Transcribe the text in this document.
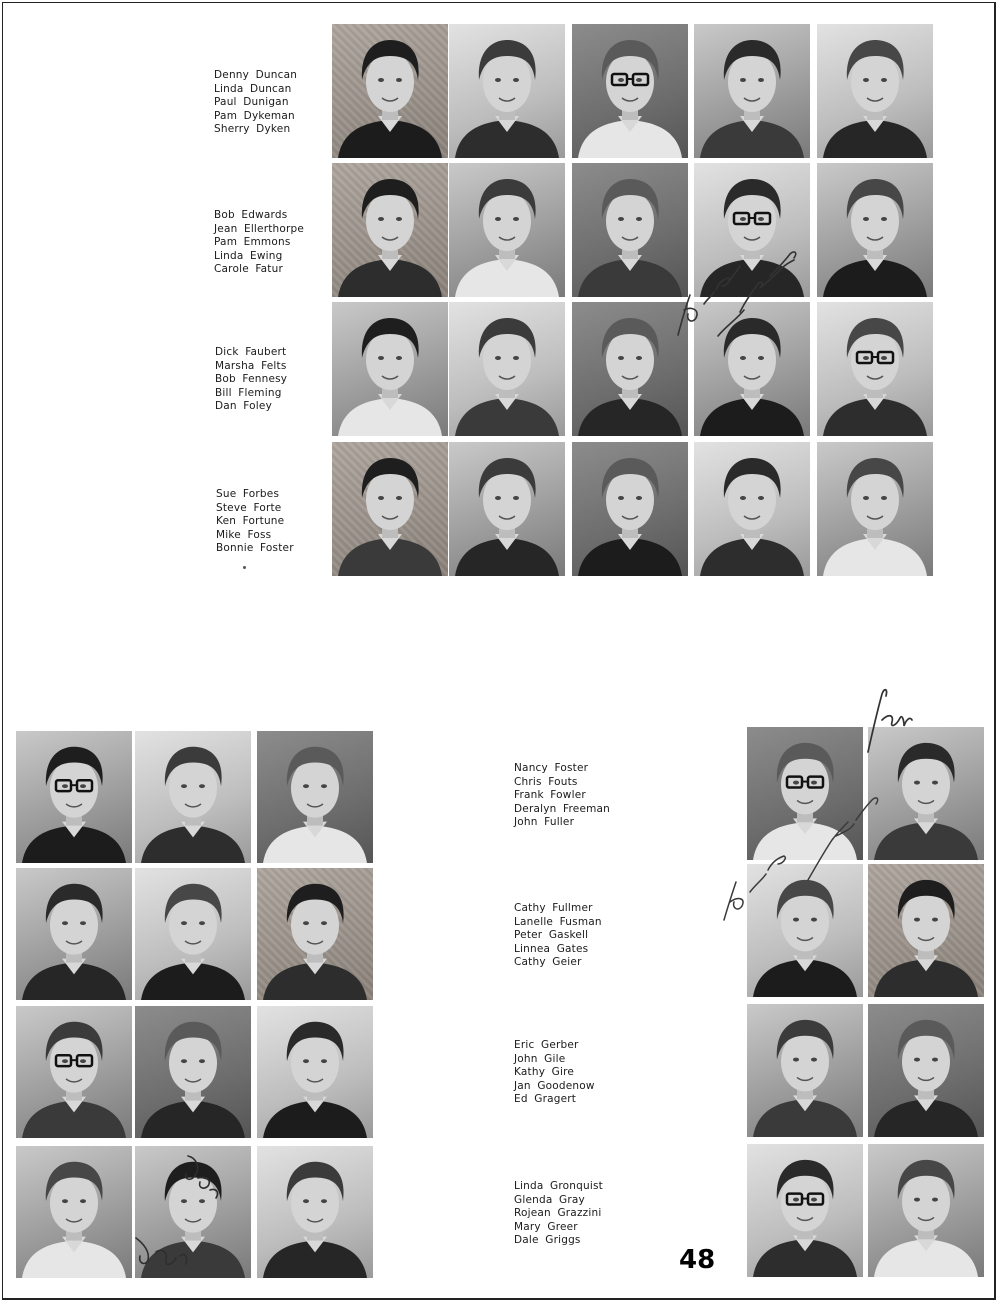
Denny Duncan
Linda Duncan
Paul Dunigan
Pam Dykeman
Sherry Dyken
Bob Edwards
Jean Ellerthorpe
Pam Emmons
Linda Ewing
Carole Fatur
Dick Faubert
Marsha Felts
Bob Fennesy
Bill Fleming
Dan Foley
Sue Forbes
Steve Forte
Ken Fortune
Mike Foss
Bonnie Foster
Nancy Foster
Chris Fouts
Frank Fowler
Deralyn Freeman
John Fuller
Cathy Fullmer
Lanelle Fusman
Peter Gaskell
Linnea Gates
Cathy Geier
Eric Gerber
John Gile
Kathy Gire
Jan Goodenow
Ed Gragert
Linda Gronquist
Glenda Gray
Rojean Grazzini
Mary Greer
Dale Griggs
48
